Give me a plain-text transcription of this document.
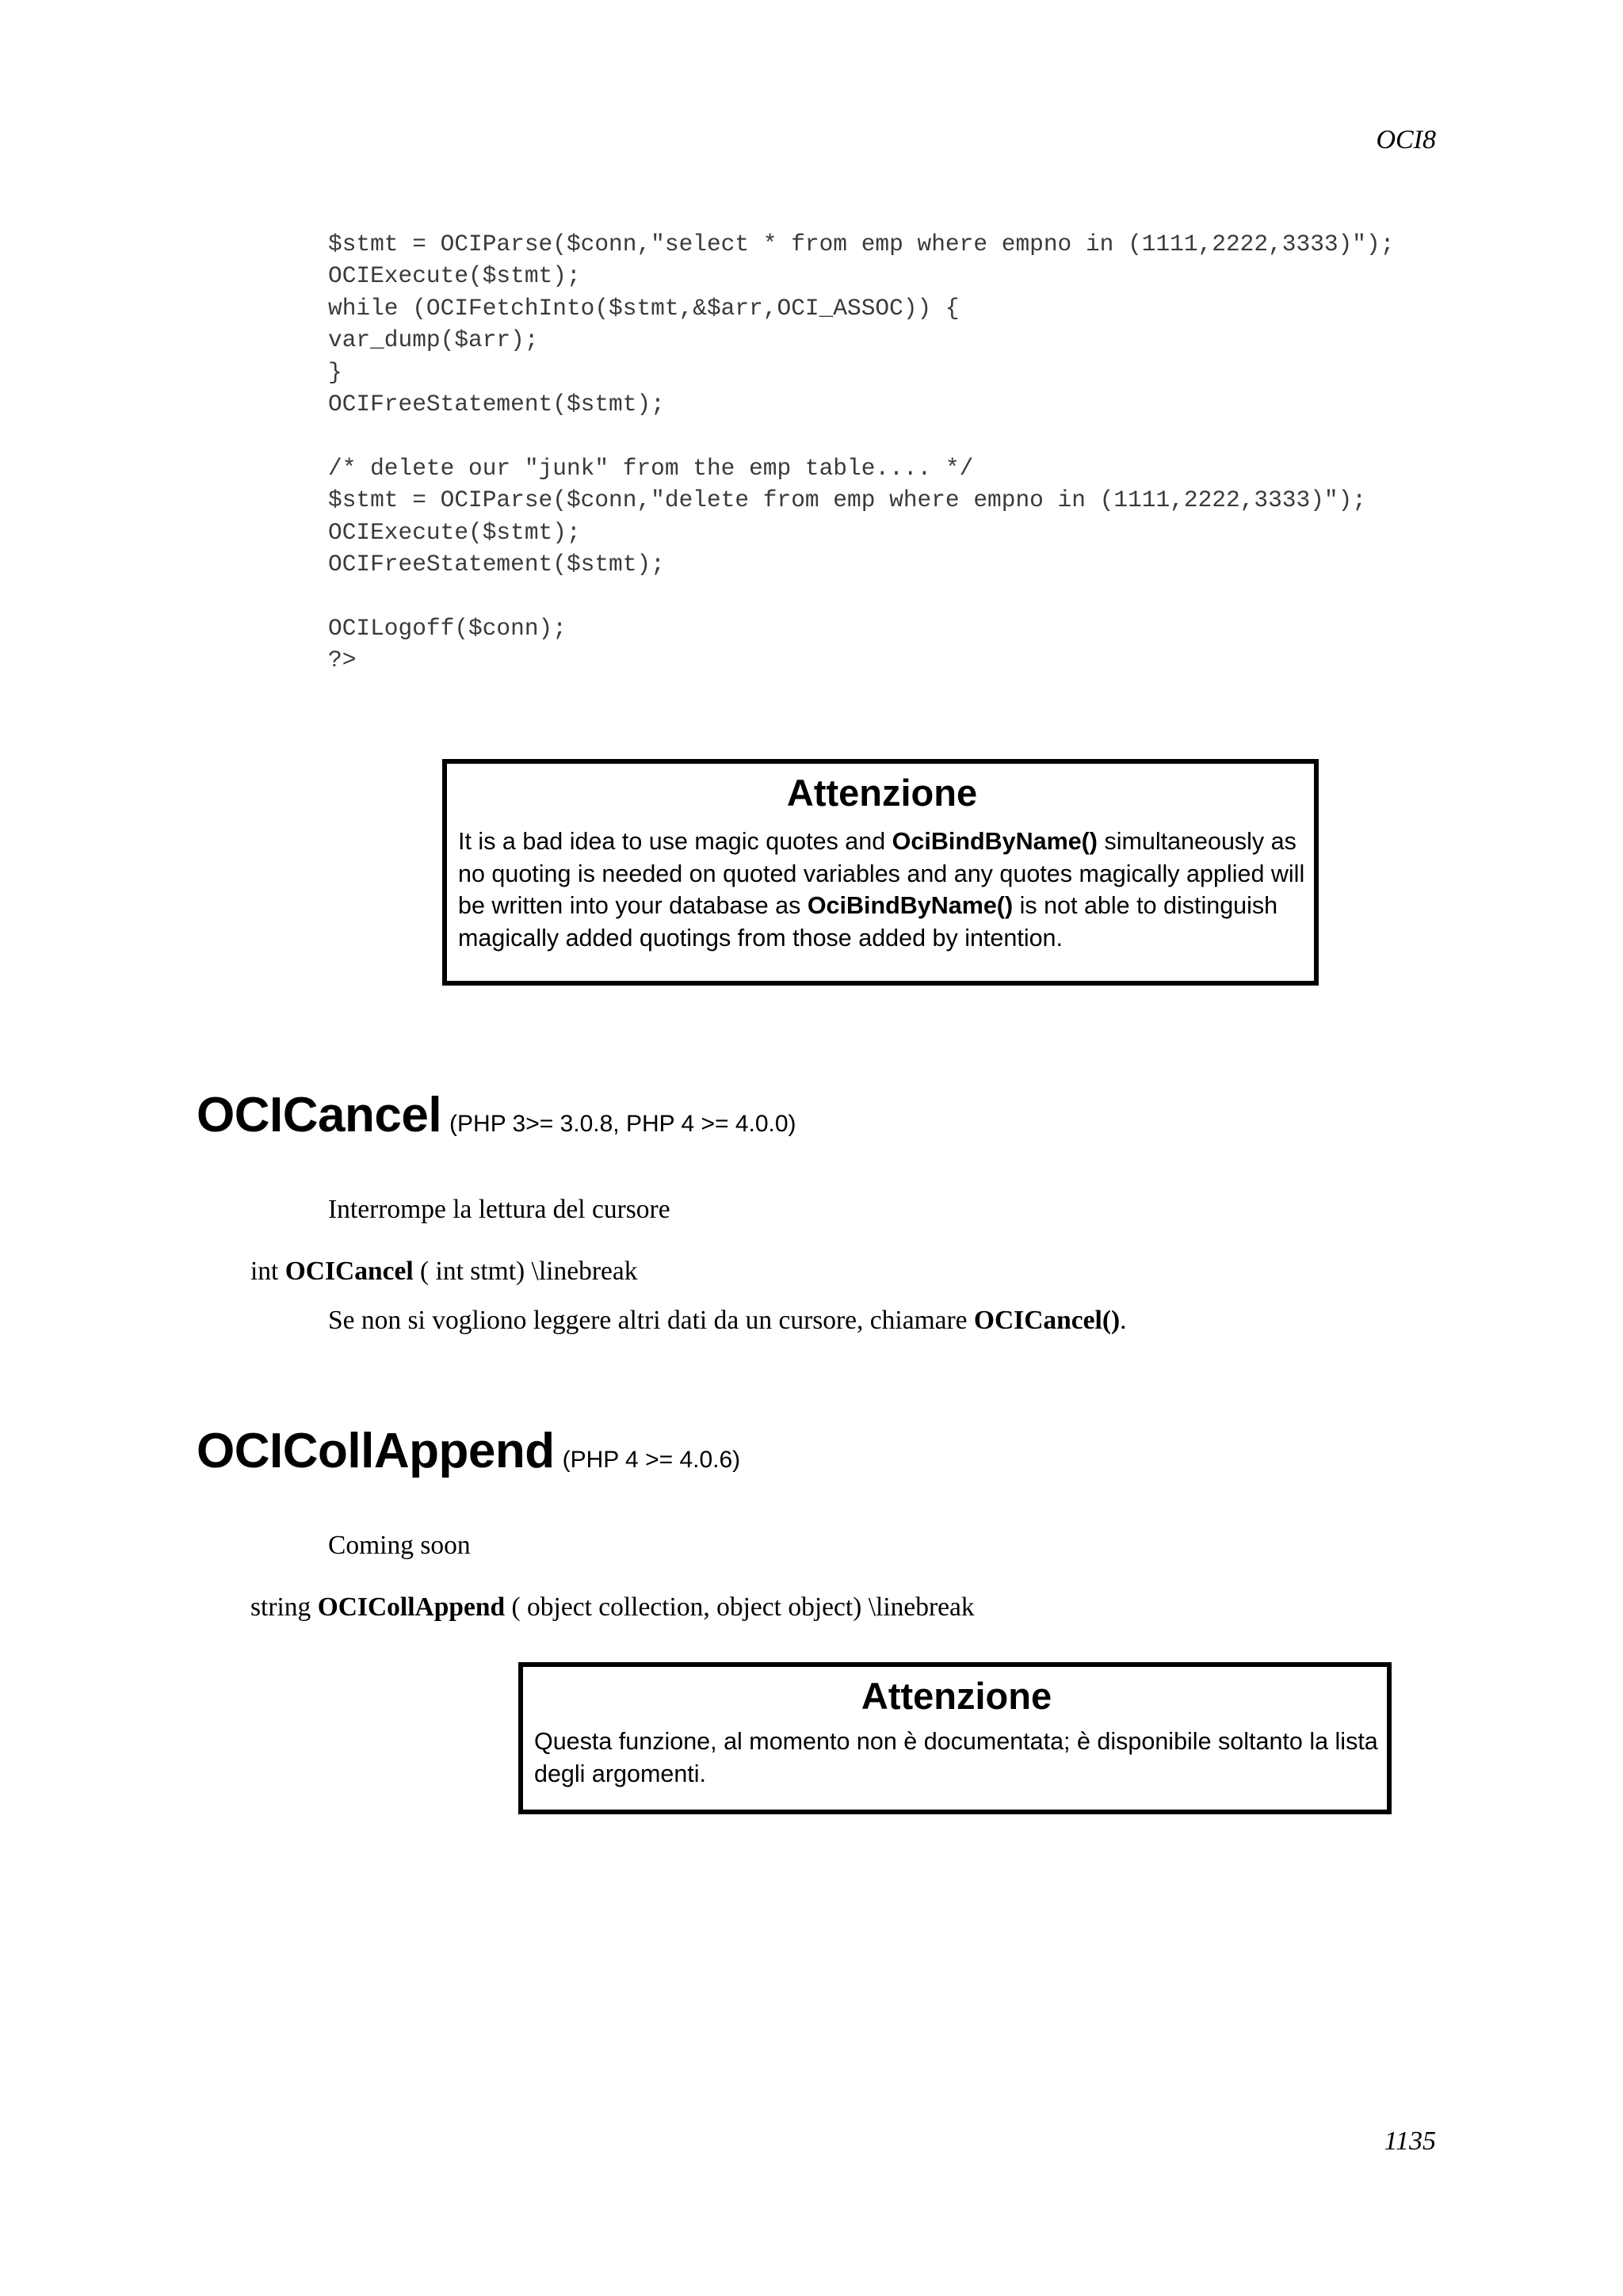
OCI8
$stmt = OCIParse($conn,"select * from emp where empno in (1111,2222,3333)");
OCIExecute($stmt);
while (OCIFetchInto($stmt,&$arr,OCI_ASSOC)) {
var_dump($arr);
}
OCIFreeStatement($stmt);
/* delete our "junk" from the emp table.... */
$stmt = OCIParse($conn,"delete from emp where empno in (1111,2222,3333)");
OCIExecute($stmt);
OCIFreeStatement($stmt);
OCILogoff($conn);
?>
Attenzione
It is a bad idea to use magic quotes and OciBindByName() simultaneously as no quoting is needed on quoted variables and any quotes magically applied will be written into your database as OciBindByName() is not able to distinguish magically added quotings from those added by intention.
OCICancel (PHP 3>= 3.0.8, PHP 4 >= 4.0.0)
Interrompe la lettura del cursore
int OCICancel ( int stmt) \linebreak
Se non si vogliono leggere altri dati da un cursore, chiamare OCICancel().
OCICollAppend (PHP 4 >= 4.0.6)
Coming soon
string OCICollAppend ( object collection, object object) \linebreak
Attenzione
Questa funzione, al momento non è documentata; è disponibile soltanto la lista degli argomenti.
1135
